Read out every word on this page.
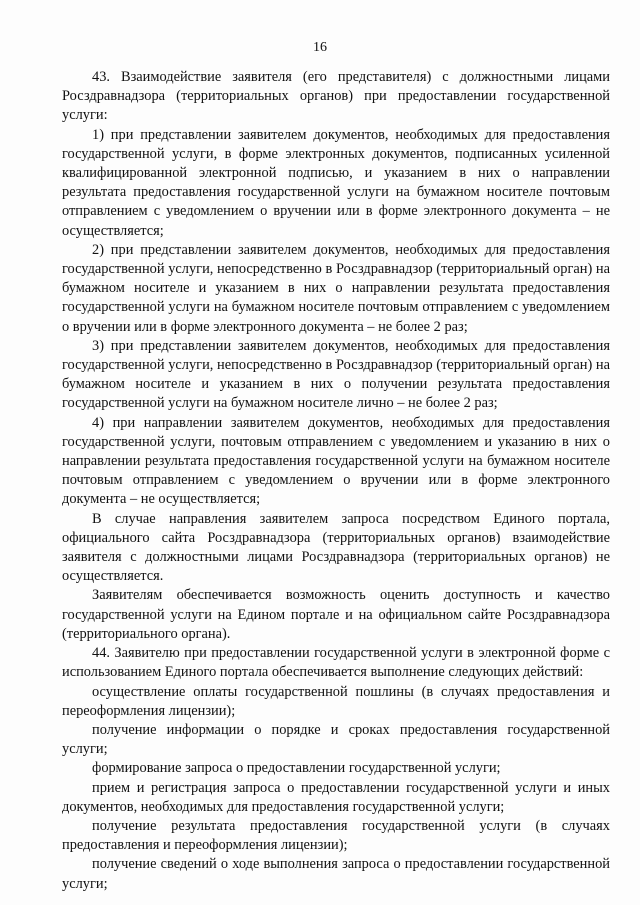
16

43. Взаимодействие заявителя (его представителя) с должностными лицами Росздравнадзора (территориальных органов) при предоставлении государственной услуги:

1) при представлении заявителем документов, необходимых для предоставления государственной услуги, в форме электронных документов, подписанных усиленной квалифицированной электронной подписью, и указанием в них о направлении результата предоставления государственной услуги на бумажном носителе почтовым отправлением с уведомлением о вручении или в форме электронного документа – не осуществляется;

2) при представлении заявителем документов, необходимых для предоставления государственной услуги, непосредственно в Росздравнадзор (территориальный орган) на бумажном носителе и указанием в них о направлении результата предоставления государственной услуги на бумажном носителе почтовым отправлением с уведомлением о вручении или в форме электронного документа – не более 2 раз;

3) при представлении заявителем документов, необходимых для предоставления государственной услуги, непосредственно в Росздравнадзор (территориальный орган) на бумажном носителе и указанием в них о получении результата предоставления государственной услуги на бумажном носителе лично – не более 2 раз;

4) при направлении заявителем документов, необходимых для предоставления государственной услуги, почтовым отправлением с уведомлением и указанию в них о направлении результата предоставления государственной услуги на бумажном носителе почтовым отправлением с уведомлением о вручении или в форме электронного документа – не осуществляется;

В случае направления заявителем запроса посредством Единого портала, официального сайта Росздравнадзора (территориальных органов) взаимодействие заявителя с должностными лицами Росздравнадзора (территориальных органов) не осуществляется.

Заявителям обеспечивается возможность оценить доступность и качество государственной услуги на Едином портале и на официальном сайте Росздравнадзора (территориального органа).

44. Заявителю при предоставлении государственной услуги в электронной форме с использованием Единого портала обеспечивается выполнение следующих действий:

осуществление оплаты государственной пошлины (в случаях предоставления и переоформления лицензии);

получение информации о порядке и сроках предоставления государственной услуги;

формирование запроса о предоставлении государственной услуги;

прием и регистрация запроса о предоставлении государственной услуги и иных документов, необходимых для предоставления государственной услуги;

получение результата предоставления государственной услуги (в случаях предоставления и переоформления лицензии);

получение сведений о ходе выполнения запроса о предоставлении государственной услуги;
